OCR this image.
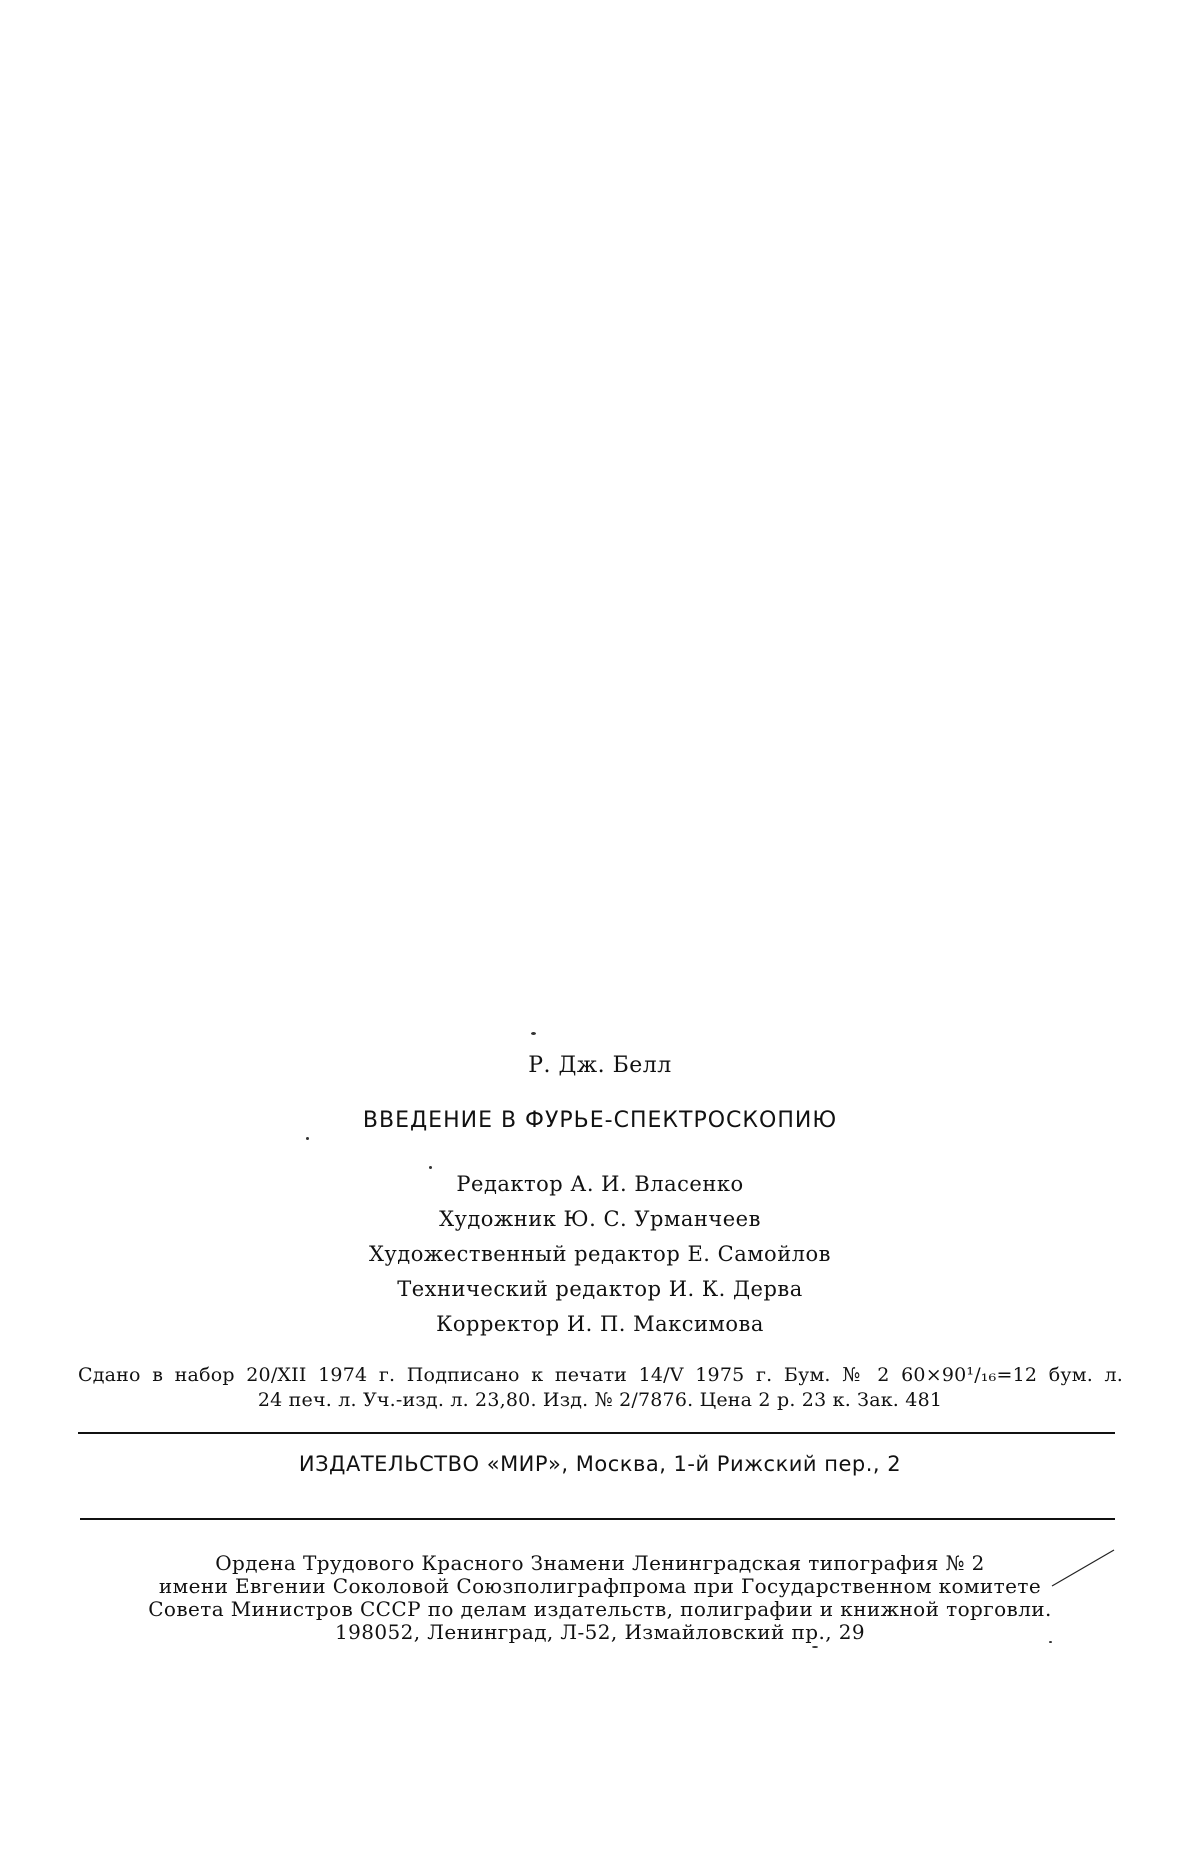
Р. Дж. Белл
ВВЕДЕНИЕ В ФУРЬЕ-СПЕКТРОСКОПИЮ
Редактор А. И. Власенко
Художник Ю. С. Урманчеев
Художественный редактор Е. Самойлов
Технический редактор И. К. Дерва
Корректор И. П. Максимова
Сдано в набор 20/XII 1974 г. Подписано к печати 14/V 1975 г. Бум. № 2 60×90¹/₁₆=12 бум. л.
24 печ. л. Уч.-изд. л. 23,80. Изд. № 2/7876. Цена 2 р. 23 к. Зак. 481
ИЗДАТЕЛЬСТВО «МИР», Москва, 1-й Рижский пер., 2
Ордена Трудового Красного Знамени Ленинградская типография № 2
имени Евгении Соколовой Союзполиграфпрома при Государственном комитете
Совета Министров СССР по делам издательств, полиграфии и книжной торговли.
198052, Ленинград, Л-52, Измайловский пр., 29
